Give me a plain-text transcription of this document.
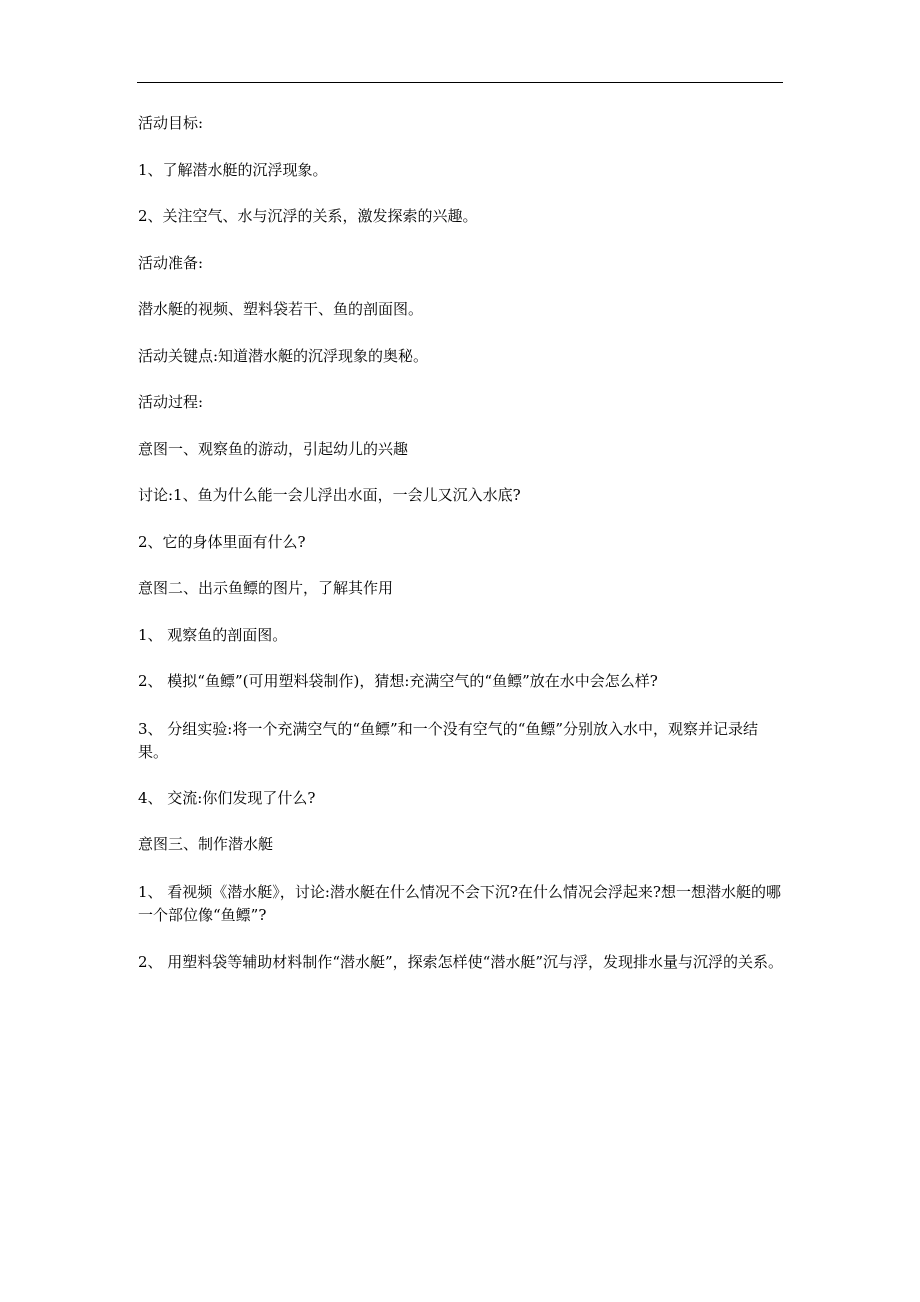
活动目标:

1、了解潜水艇的沉浮现象。

2、关注空气、水与沉浮的关系，激发探索的兴趣。

活动准备:

潜水艇的视频、塑料袋若干、鱼的剖面图。

活动关键点:知道潜水艇的沉浮现象的奥秘。

活动过程:

意图一、观察鱼的游动，引起幼儿的兴趣

讨论:1、鱼为什么能一会儿浮出水面，一会儿又沉入水底?

2、它的身体里面有什么?

意图二、出示鱼鳔的图片，了解其作用

1、 观察鱼的剖面图。

2、 模拟“鱼鳔”(可用塑料袋制作)，猜想:充满空气的“鱼鳔”放在水中会怎么样?

3、 分组实验:将一个充满空气的“鱼鳔”和一个没有空气的“鱼鳔”分别放入水中，观察并记录结果。

4、 交流:你们发现了什么?

意图三、制作潜水艇

1、 看视频《潜水艇》，讨论:潜水艇在什么情况不会下沉?在什么情况会浮起来?想一想潜水艇的哪一个部位像“鱼鳔”?

2、 用塑料袋等辅助材料制作“潜水艇”，探索怎样使“潜水艇”沉与浮，发现排水量与沉浮的关系。
